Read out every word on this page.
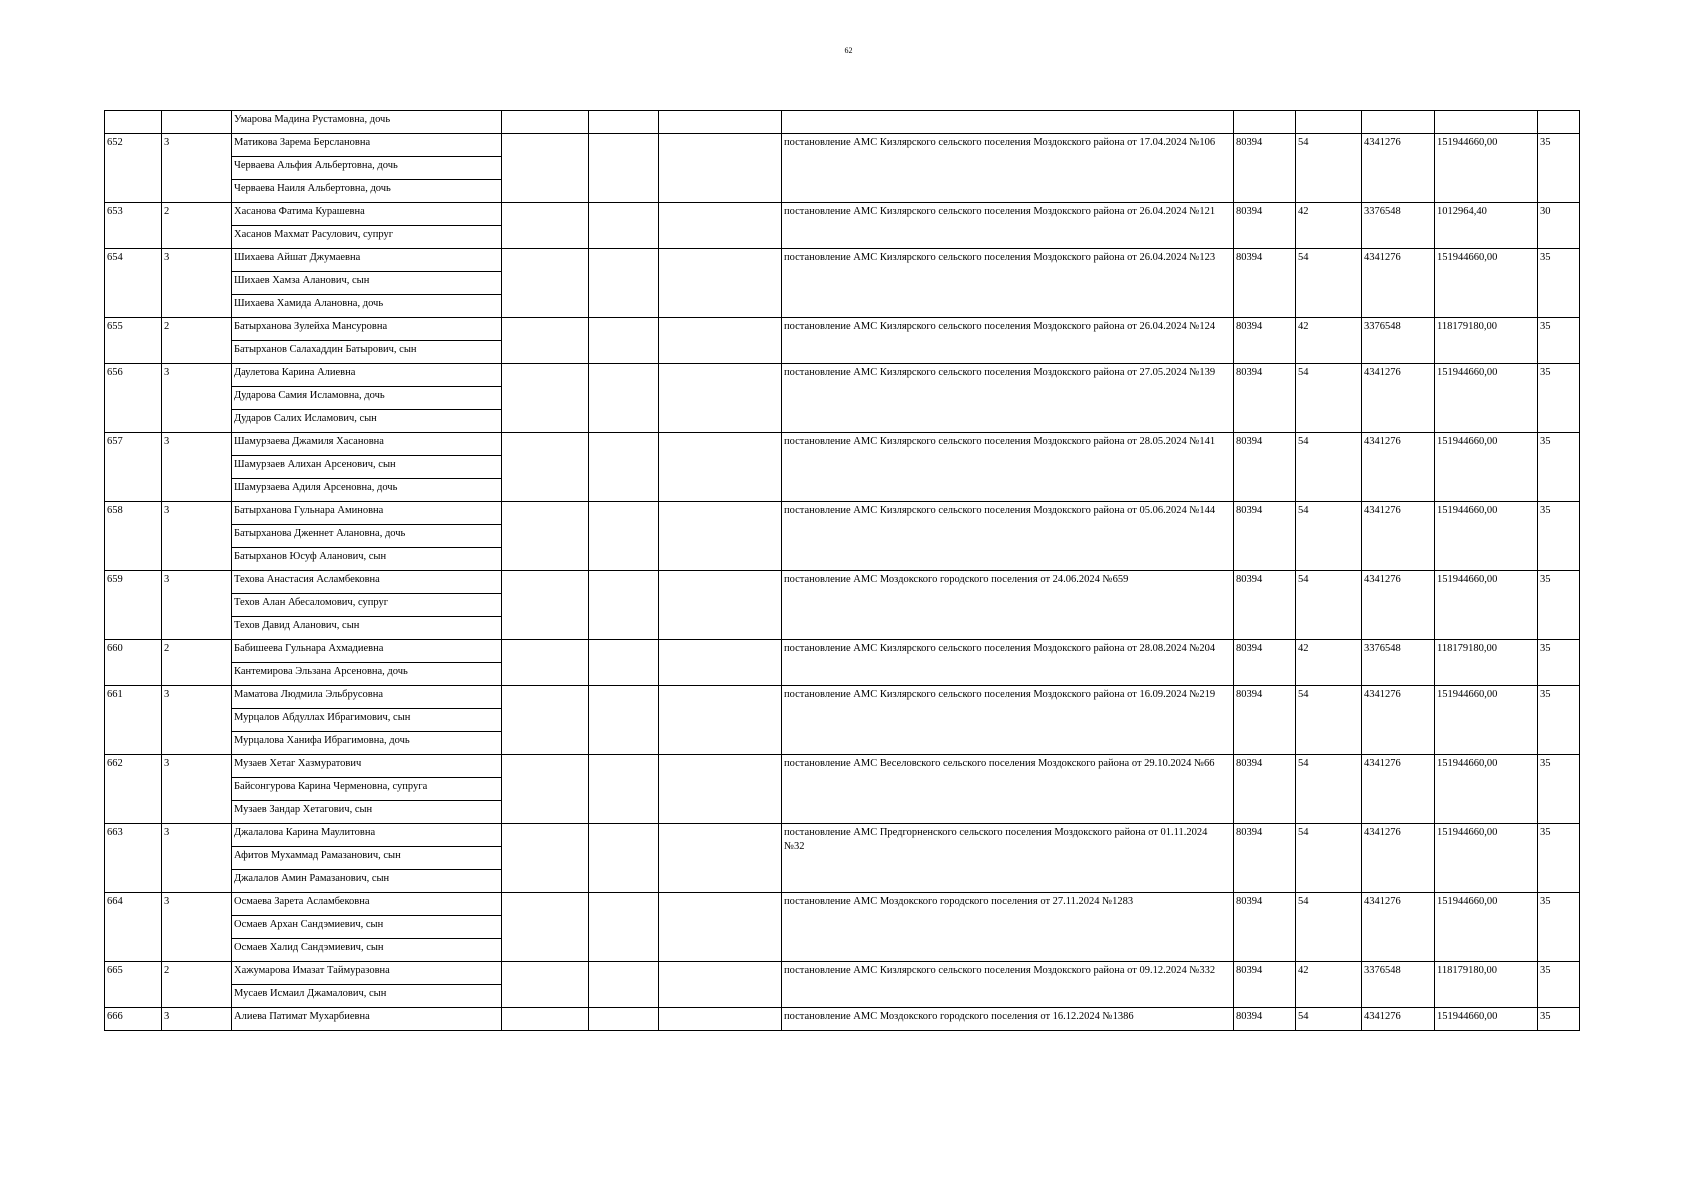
62
		Умарова Мадина Рустамовна, дочь									
652	3	Матикова Зарема Берслановна				постановление АМС Кизлярского сельского поселения Моздокского района от 17.04.2024 №106	80394	54	4341276	151944660,00	35
		Червaева Альфия Альбертовна, дочь									
		Червaева Наиля Альбертовна, дочь									
653	2	Хасанова Фатима Курашевна				постановление АМС Кизлярского сельского поселения Моздокского района от 26.04.2024 №121	80394	42	3376548	1012964,40	30
		Хасанов Махмат Расулович, супруг									
654	3	Шихаева Айшат Джумаевна				постановление АМС Кизлярского сельского поселения Моздокского района от 26.04.2024 №123	80394	54	4341276	151944660,00	35
		Шихаев Хамза Аланович, сын									
		Шихаева Хамида Алановна, дочь									
655	2	Батырханова Зулейха Мансуровна				постановление АМС Кизлярского сельского поселения Моздокского района от 26.04.2024 №124	80394	42	3376548	118179180,00	35
		Батырханов Салахаддин Батырович, сын									
656	3	Даулетова Карина Алиевна				постановление АМС Кизлярского сельского поселения Моздокского района от 27.05.2024 №139	80394	54	4341276	151944660,00	35
		Дударова Самия Исламовна, дочь									
		Дударов Салих Исламович, сын									
657	3	Шамурзаева Джамиля Хасановна				постановление АМС Кизлярского сельского поселения Моздокского района от 28.05.2024 №141	80394	54	4341276	151944660,00	35
		Шамурзаев Алихан Арсенович, сын									
		Шамурзаева Адиля Арсеновна, дочь									
658	3	Батырханова Гульнара Аминовна				постановление АМС Кизлярского сельского поселения Моздокского района от 05.06.2024 №144	80394	54	4341276	151944660,00	35
		Батырханова Дженнет Алановна, дочь									
		Батырханов Юсуф Аланович, сын									
659	3	Техова Анастасия Асламбековна				постановление АМС Моздокского городского поселения от 24.06.2024 №659	80394	54	4341276	151944660,00	35
		Техов Алан Абесаломович, супруг									
		Техов Давид Аланович, сын									
660	2	Бабишеева Гульнара Ахмадиевна				постановление АМС Кизлярского сельского поселения Моздокского района от 28.08.2024 №204	80394	42	3376548	118179180,00	35
		Кантемирова Эльзана Арсеновна, дочь									
661	3	Маматова Людмила Эльбрусовна				постановление АМС Кизлярского сельского поселения Моздокского района от 16.09.2024 №219	80394	54	4341276	151944660,00	35
		Мурцалов Абдуллах Ибрагимович, сын									
		Мурцалова Ханифа Ибрагимовна, дочь									
662	3	Музаев Хетаг Хазмуратович				постановление АМС Веселовского сельского поселения Моздокского района от 29.10.2024 №66	80394	54	4341276	151944660,00	35
		Байсонгурова Карина Черменовна, супруга									
		Музаев Зандар Хетагович, сын									
663	3	Джалалова Карина Маулитовна				постановление АМС Предгорненского сельского поселения Моздокского района от 01.11.2024 №32	80394	54	4341276	151944660,00	35
		Афитов Мухаммад Рамазанович, сын									
		Джалалов Амин Рамазанович, сын									
664	3	Осмаева Зарета Асламбековна				постановление АМС Моздокского городского поселения от 27.11.2024 №1283	80394	54	4341276	151944660,00	35
		Осмаев Архан Сандэмиевич, сын									
		Осмаев Халид Сандэмиевич, сын									
665	2	Хажумарова Имазат Таймуразовна				постановление АМС Кизлярского сельского поселения Моздокского района от 09.12.2024 №332	80394	42	3376548	118179180,00	35
		Мусаев Исмаил Джамалович, сын									
666	3	Алиева Патимат Мухарбиевна				постановление АМС Моздокского городского поселения от 16.12.2024 №1386	80394	54	4341276	151944660,00	35
